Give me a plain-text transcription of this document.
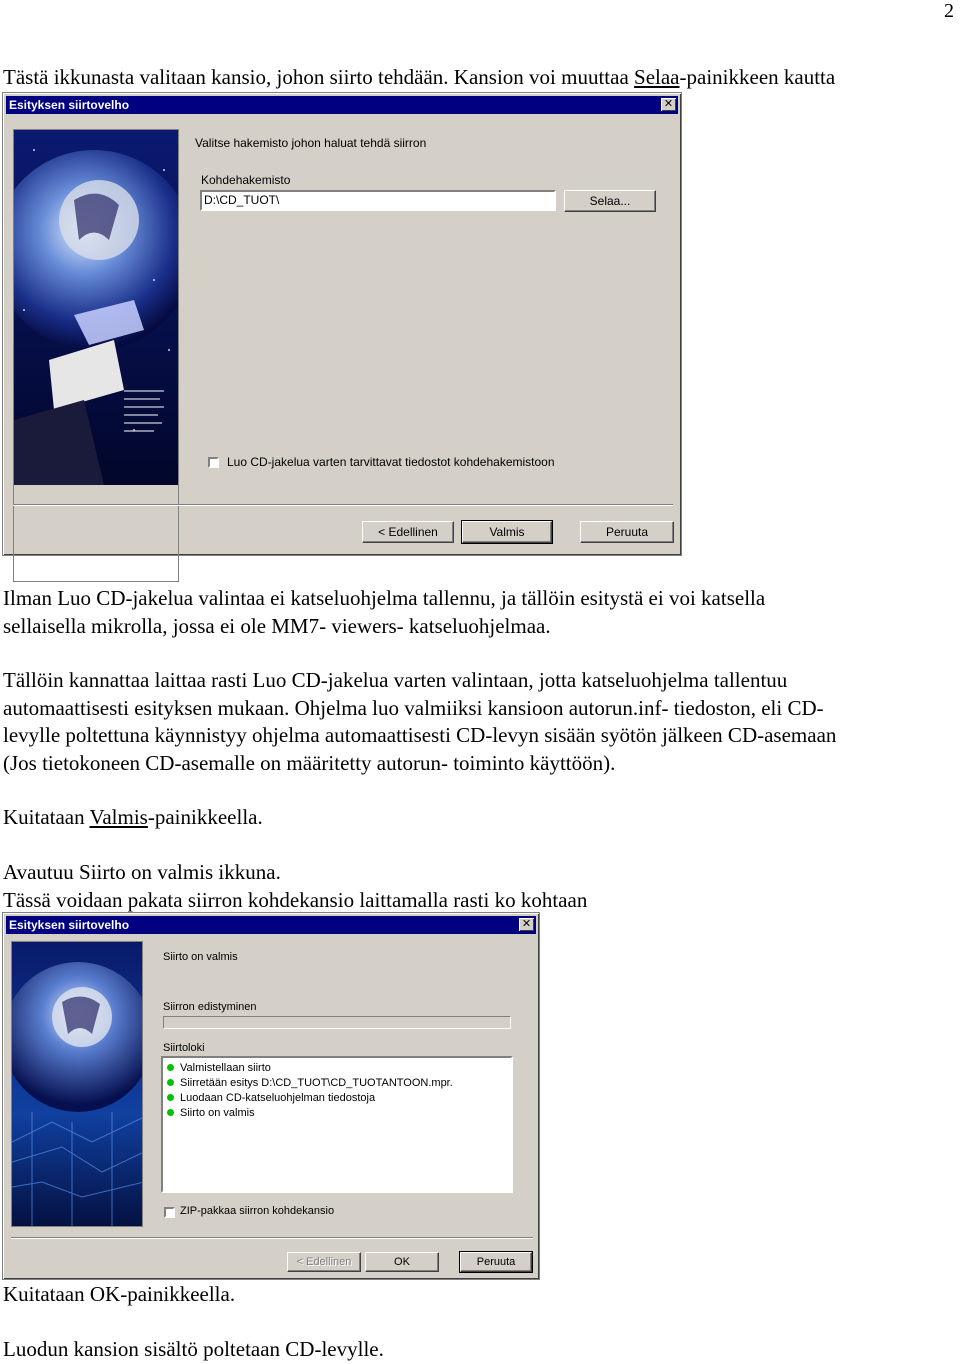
2
Tästä ikkunasta valitaan kansio, johon siirto tehdään. Kansion voi muuttaa Selaa-painikkeen kautta
Esityksen siirtovelho	✕
Valitse hakemisto johon haluat tehdä siirron
Kohdehakemisto
D:\CD_TUOT\	Selaa...
Luo CD-jakelua varten tarvittavat tiedostot kohdehakemistoon
< Edellinen	Valmis	Peruuta
Ilman Luo CD-jakelua valintaa ei katseluohjelma tallennu, ja tällöin esitystä ei voi katsella
sellaisella mikrolla, jossa ei ole MM7- viewers- katseluohjelmaa.
Tällöin kannattaa laittaa rasti Luo CD-jakelua varten valintaan, jotta katseluohjelma tallentuu
automaattisesti esityksen mukaan. Ohjelma luo valmiiksi kansioon autorun.inf- tiedoston, eli CD-
levylle poltettuna käynnistyy ohjelma automaattisesti CD-levyn sisään syötön jälkeen CD-asemaan
(Jos tietokoneen CD-asemalle on määritetty autorun- toiminto käyttöön).
Kuitataan Valmis-painikkeella.
Avautuu Siirto on valmis ikkuna.
Tässä voidaan pakata siirron kohdekansio laittamalla rasti ko kohtaan
Esityksen siirtovelho	✕
Siirto on valmis
Siirron edistyminen
Siirtoloki
Valmistellaan siirto
Siirretään esitys D:\CD_TUOT\CD_TUOTANTOON.mpr.
Luodaan CD-katseluohjelman tiedostoja
Siirto on valmis
ZIP-pakkaa siirron kohdekansio
< Edellinen	OK	Peruuta
Kuitataan OK-painikkeella.
Luodun kansion sisältö poltetaan CD-levylle.
